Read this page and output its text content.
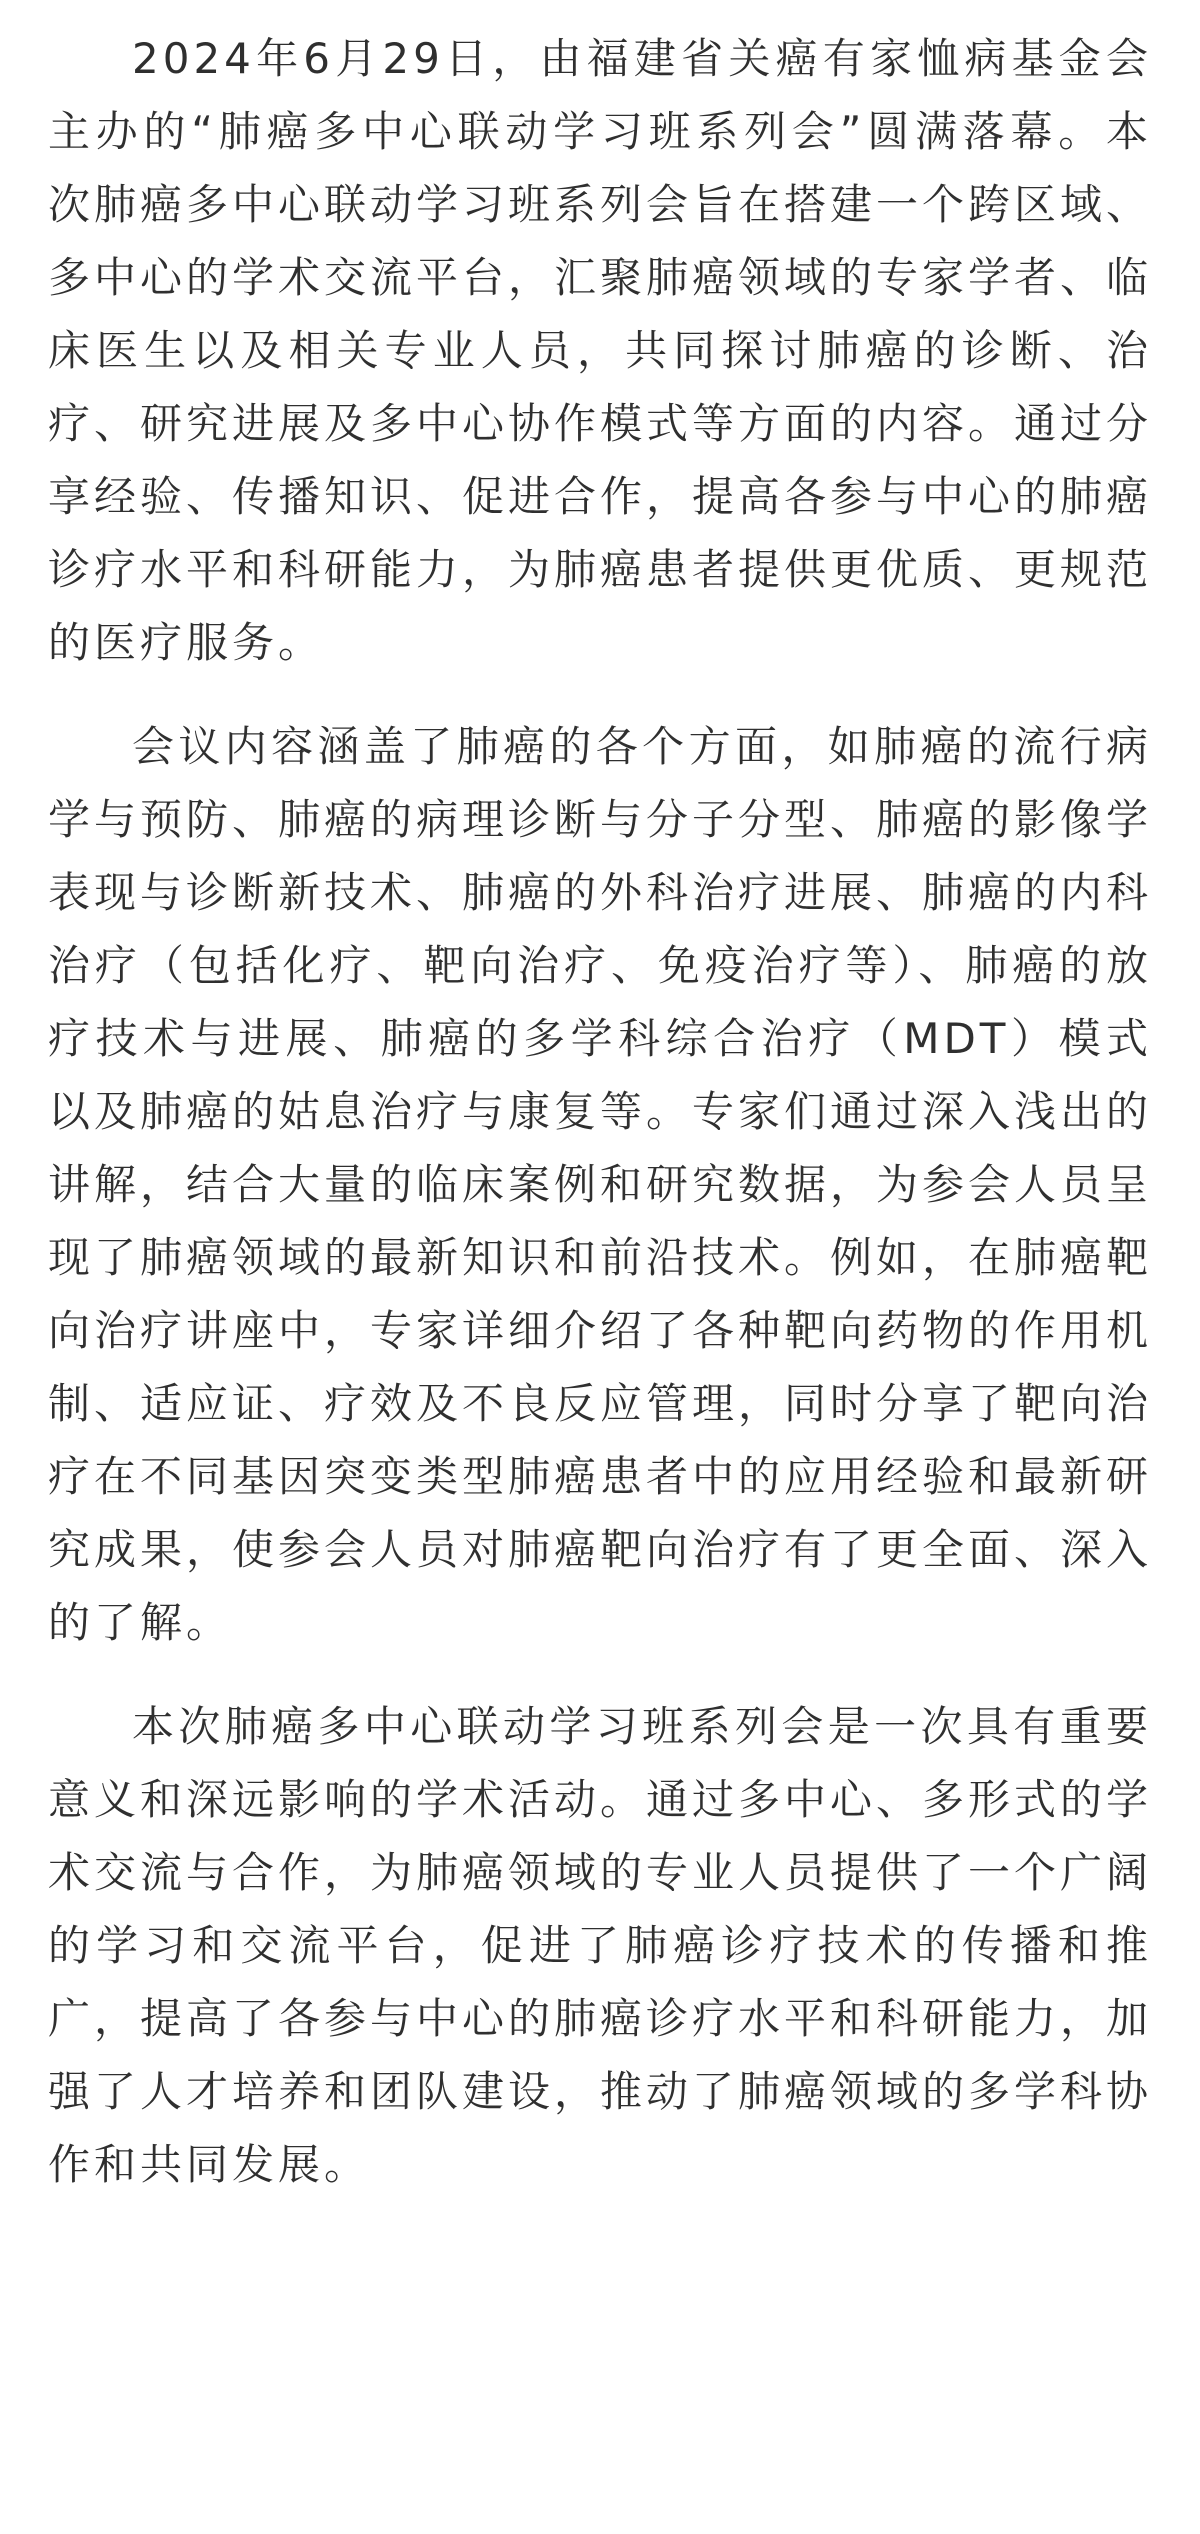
2024年6月29日，由福建省关癌有家恤病基金会主办的“肺癌多中心联动学习班系列会”圆满落幕。本次肺癌多中心联动学习班系列会旨在搭建一个跨区域、多中心的学术交流平台，汇聚肺癌领域的专家学者、临床医生以及相关专业人员，共同探讨肺癌的诊断、治疗、研究进展及多中心协作模式等方面的内容。通过分享经验、传播知识、促进合作，提高各参与中心的肺癌诊疗水平和科研能力，为肺癌患者提供更优质、更规范的医疗服务。

会议内容涵盖了肺癌的各个方面，如肺癌的流行病学与预防、肺癌的病理诊断与分子分型、肺癌的影像学表现与诊断新技术、肺癌的外科治疗进展、肺癌的内科治疗（包括化疗、靶向治疗、免疫治疗等）、肺癌的放疗技术与进展、肺癌的多学科综合治疗（MDT）模式以及肺癌的姑息治疗与康复等。专家们通过深入浅出的讲解，结合大量的临床案例和研究数据，为参会人员呈现了肺癌领域的最新知识和前沿技术。例如，在肺癌靶向治疗讲座中，专家详细介绍了各种靶向药物的作用机制、适应证、疗效及不良反应管理，同时分享了靶向治疗在不同基因突变类型肺癌患者中的应用经验和最新研究成果，使参会人员对肺癌靶向治疗有了更全面、深入的了解。

本次肺癌多中心联动学习班系列会是一次具有重要意义和深远影响的学术活动。通过多中心、多形式的学术交流与合作，为肺癌领域的专业人员提供了一个广阔的学习和交流平台，促进了肺癌诊疗技术的传播和推广，提高了各参与中心的肺癌诊疗水平和科研能力，加强了人才培养和团队建设，推动了肺癌领域的多学科协作和共同发展。
